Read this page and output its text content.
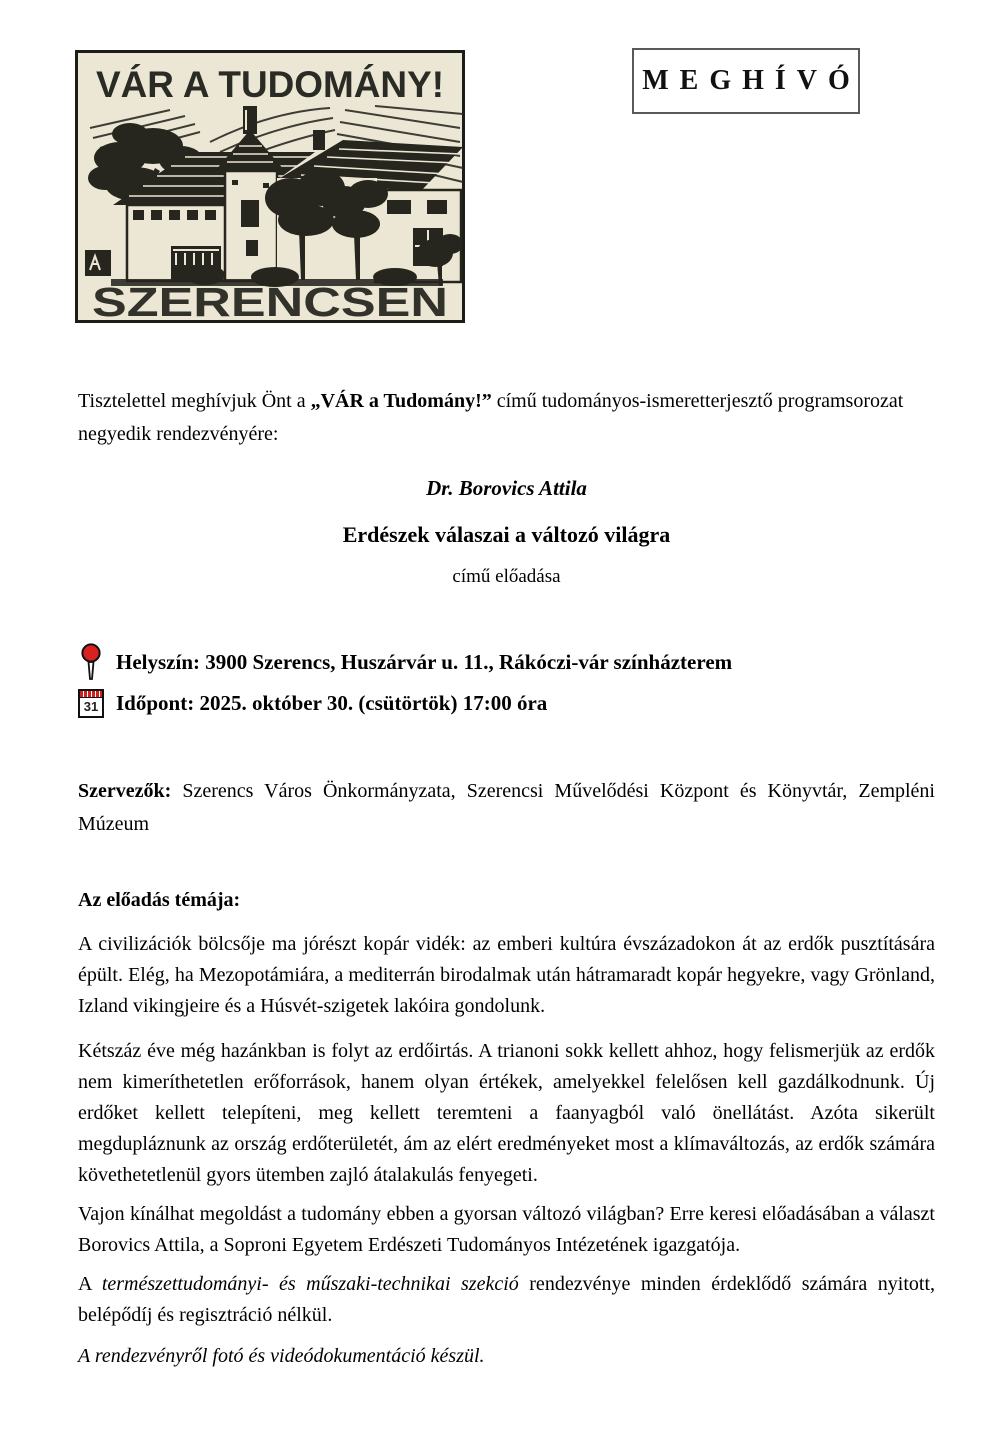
VÁR A TUDOMÁNY!
SZERENCSEN
MEGHÍVÓ

Tisztelettel meghívjuk Önt a „VÁR a Tudomány!” című tudományos-ismeretterjesztő programsorozat negyedik rendezvényére:

Dr. Borovics Attila

Erdészek válaszai a változó világra

című előadása

Helyszín: 3900 Szerencs, Huszárvár u. 11., Rákóczi-vár színházterem
31 Időpont: 2025. október 30. (csütörtök) 17:00 óra

Szervezők: Szerencs Város Önkormányzata, Szerencsi Művelődési Központ és Könyvtár, Zempléni Múzeum

Az előadás témája:

A civilizációk bölcsője ma jórészt kopár vidék: az emberi kultúra évszázadokon át az erdők pusztítására épült. Elég, ha Mezopotámiára, a mediterrán birodalmak után hátramaradt kopár hegyekre, vagy Grönland, Izland vikingjeire és a Húsvét-szigetek lakóira gondolunk.

Kétszáz éve még hazánkban is folyt az erdőirtás. A trianoni sokk kellett ahhoz, hogy felismerjük az erdők nem kimeríthetetlen erőforrások, hanem olyan értékek, amelyekkel felelősen kell gazdálkodnunk. Új erdőket kellett telepíteni, meg kellett teremteni a faanyagból való önellátást. Azóta sikerült megdupláznunk az ország erdőterületét, ám az elért eredményeket most a klímaváltozás, az erdők számára követhetetlenül gyors ütemben zajló átalakulás fenyegeti.

Vajon kínálhat megoldást a tudomány ebben a gyorsan változó világban? Erre keresi előadásában a választ Borovics Attila, a Soproni Egyetem Erdészeti Tudományos Intézetének igazgatója.

A természettudományi- és műszaki-technikai szekció rendezvénye minden érdeklődő számára nyitott, belépődíj és regisztráció nélkül.

A rendezvényről fotó és videódokumentáció készül.
